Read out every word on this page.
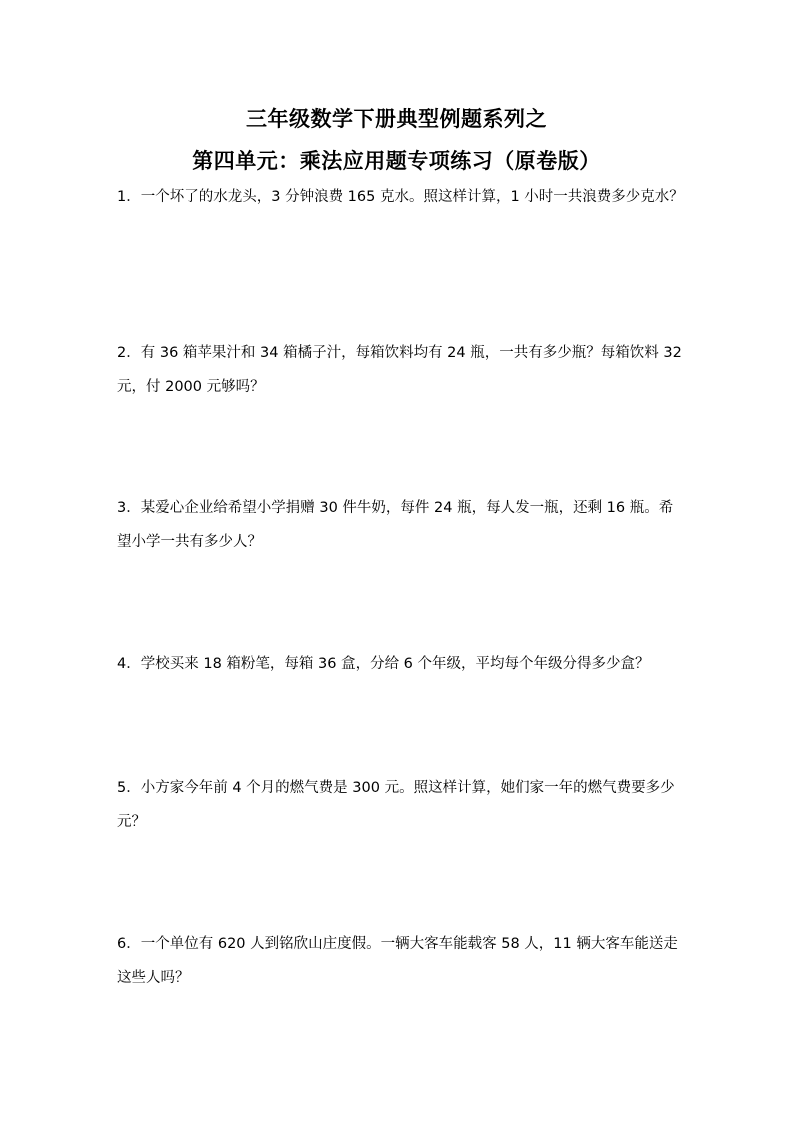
三年级数学下册典型例题系列之
第四单元：乘法应用题专项练习（原卷版）
1．一个坏了的水龙头，3 分钟浪费 165 克水。照这样计算，1 小时一共浪费多少克水？
2．有 36 箱苹果汁和 34 箱橘子汁，每箱饮料均有 24 瓶，一共有多少瓶？每箱饮料 32 元，付 2000 元够吗？
3．某爱心企业给希望小学捐赠 30 件牛奶，每件 24 瓶，每人发一瓶，还剩 16 瓶。希望小学一共有多少人？
4．学校买来 18 箱粉笔，每箱 36 盒，分给 6 个年级，平均每个年级分得多少盒？
5．小方家今年前 4 个月的燃气费是 300 元。照这样计算，她们家一年的燃气费要多少元？
6．一个单位有 620 人到铭欣山庄度假。一辆大客车能载客 58 人，11 辆大客车能送走这些人吗？
